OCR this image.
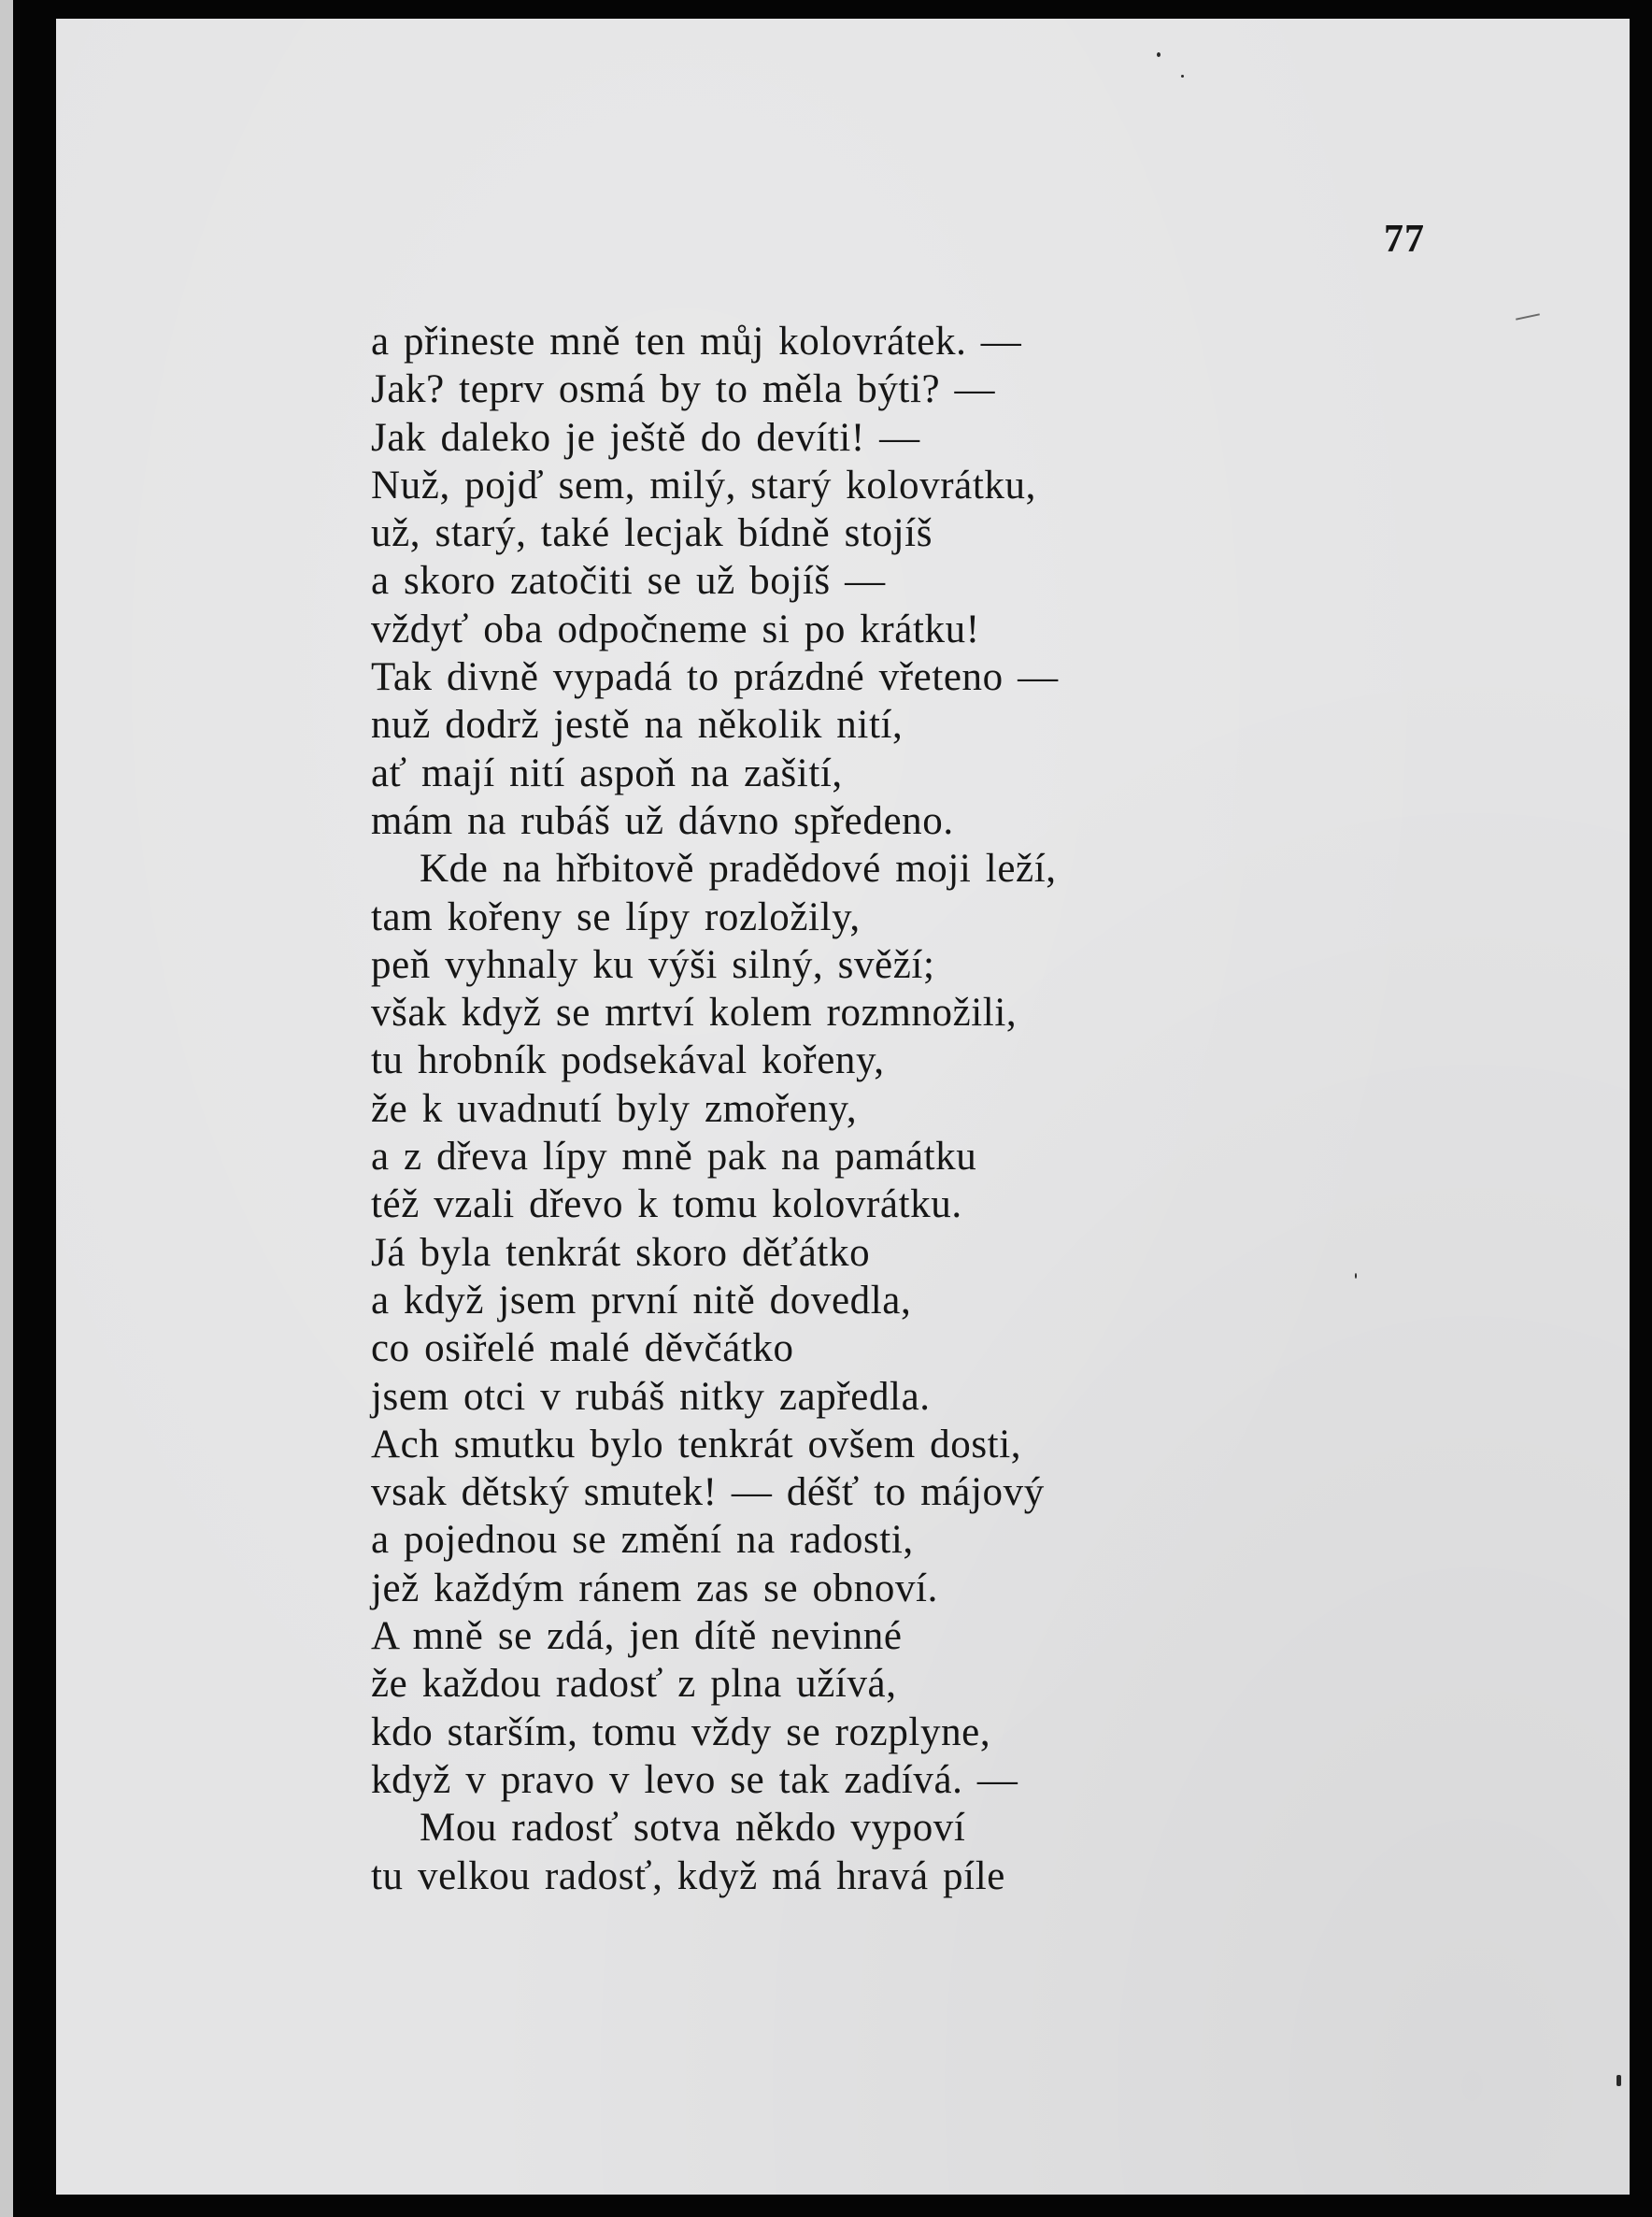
77
a přineste mně ten můj kolovrátek. —
Jak? teprv osmá by to měla býti? —
Jak daleko je ještě do devíti! —
Nuž, pojď sem, milý, starý kolovrátku,
už, starý, také lecjak bídně stojíš
a skoro zatočiti se už bojíš —
vždyť oba odpočneme si po krátku!
Tak divně vypadá to prázdné vřeteno —
nuž dodrž jestě na několik nití,
ať mají nití aspoň na zašití,
mám na rubáš už dávno spředeno.
Kde na hřbitově pradědové moji leží,
tam kořeny se lípy rozložily,
peň vyhnaly ku výši silný, svěží;
však když se mrtví kolem rozmnožili,
tu hrobník podsekával kořeny,
že k uvadnutí byly zmořeny,
a z dřeva lípy mně pak na památku
též vzali dřevo k tomu kolovrátku.
Já byla tenkrát skoro děťátko
a když jsem první nitě dovedla,
co osiřelé malé děvčátko
jsem otci v rubáš nitky zapředla.
Ach smutku bylo tenkrát ovšem dosti,
vsak dětský smutek! — déšť to májový
a pojednou se změní na radosti,
jež každým ránem zas se obnoví.
A mně se zdá, jen dítě nevinné
že každou radosť z plna užívá,
kdo starším, tomu vždy se rozplyne,
když v pravo v levo se tak zadívá. —
Mou radosť sotva někdo vypoví
tu velkou radosť, když má hravá píle
